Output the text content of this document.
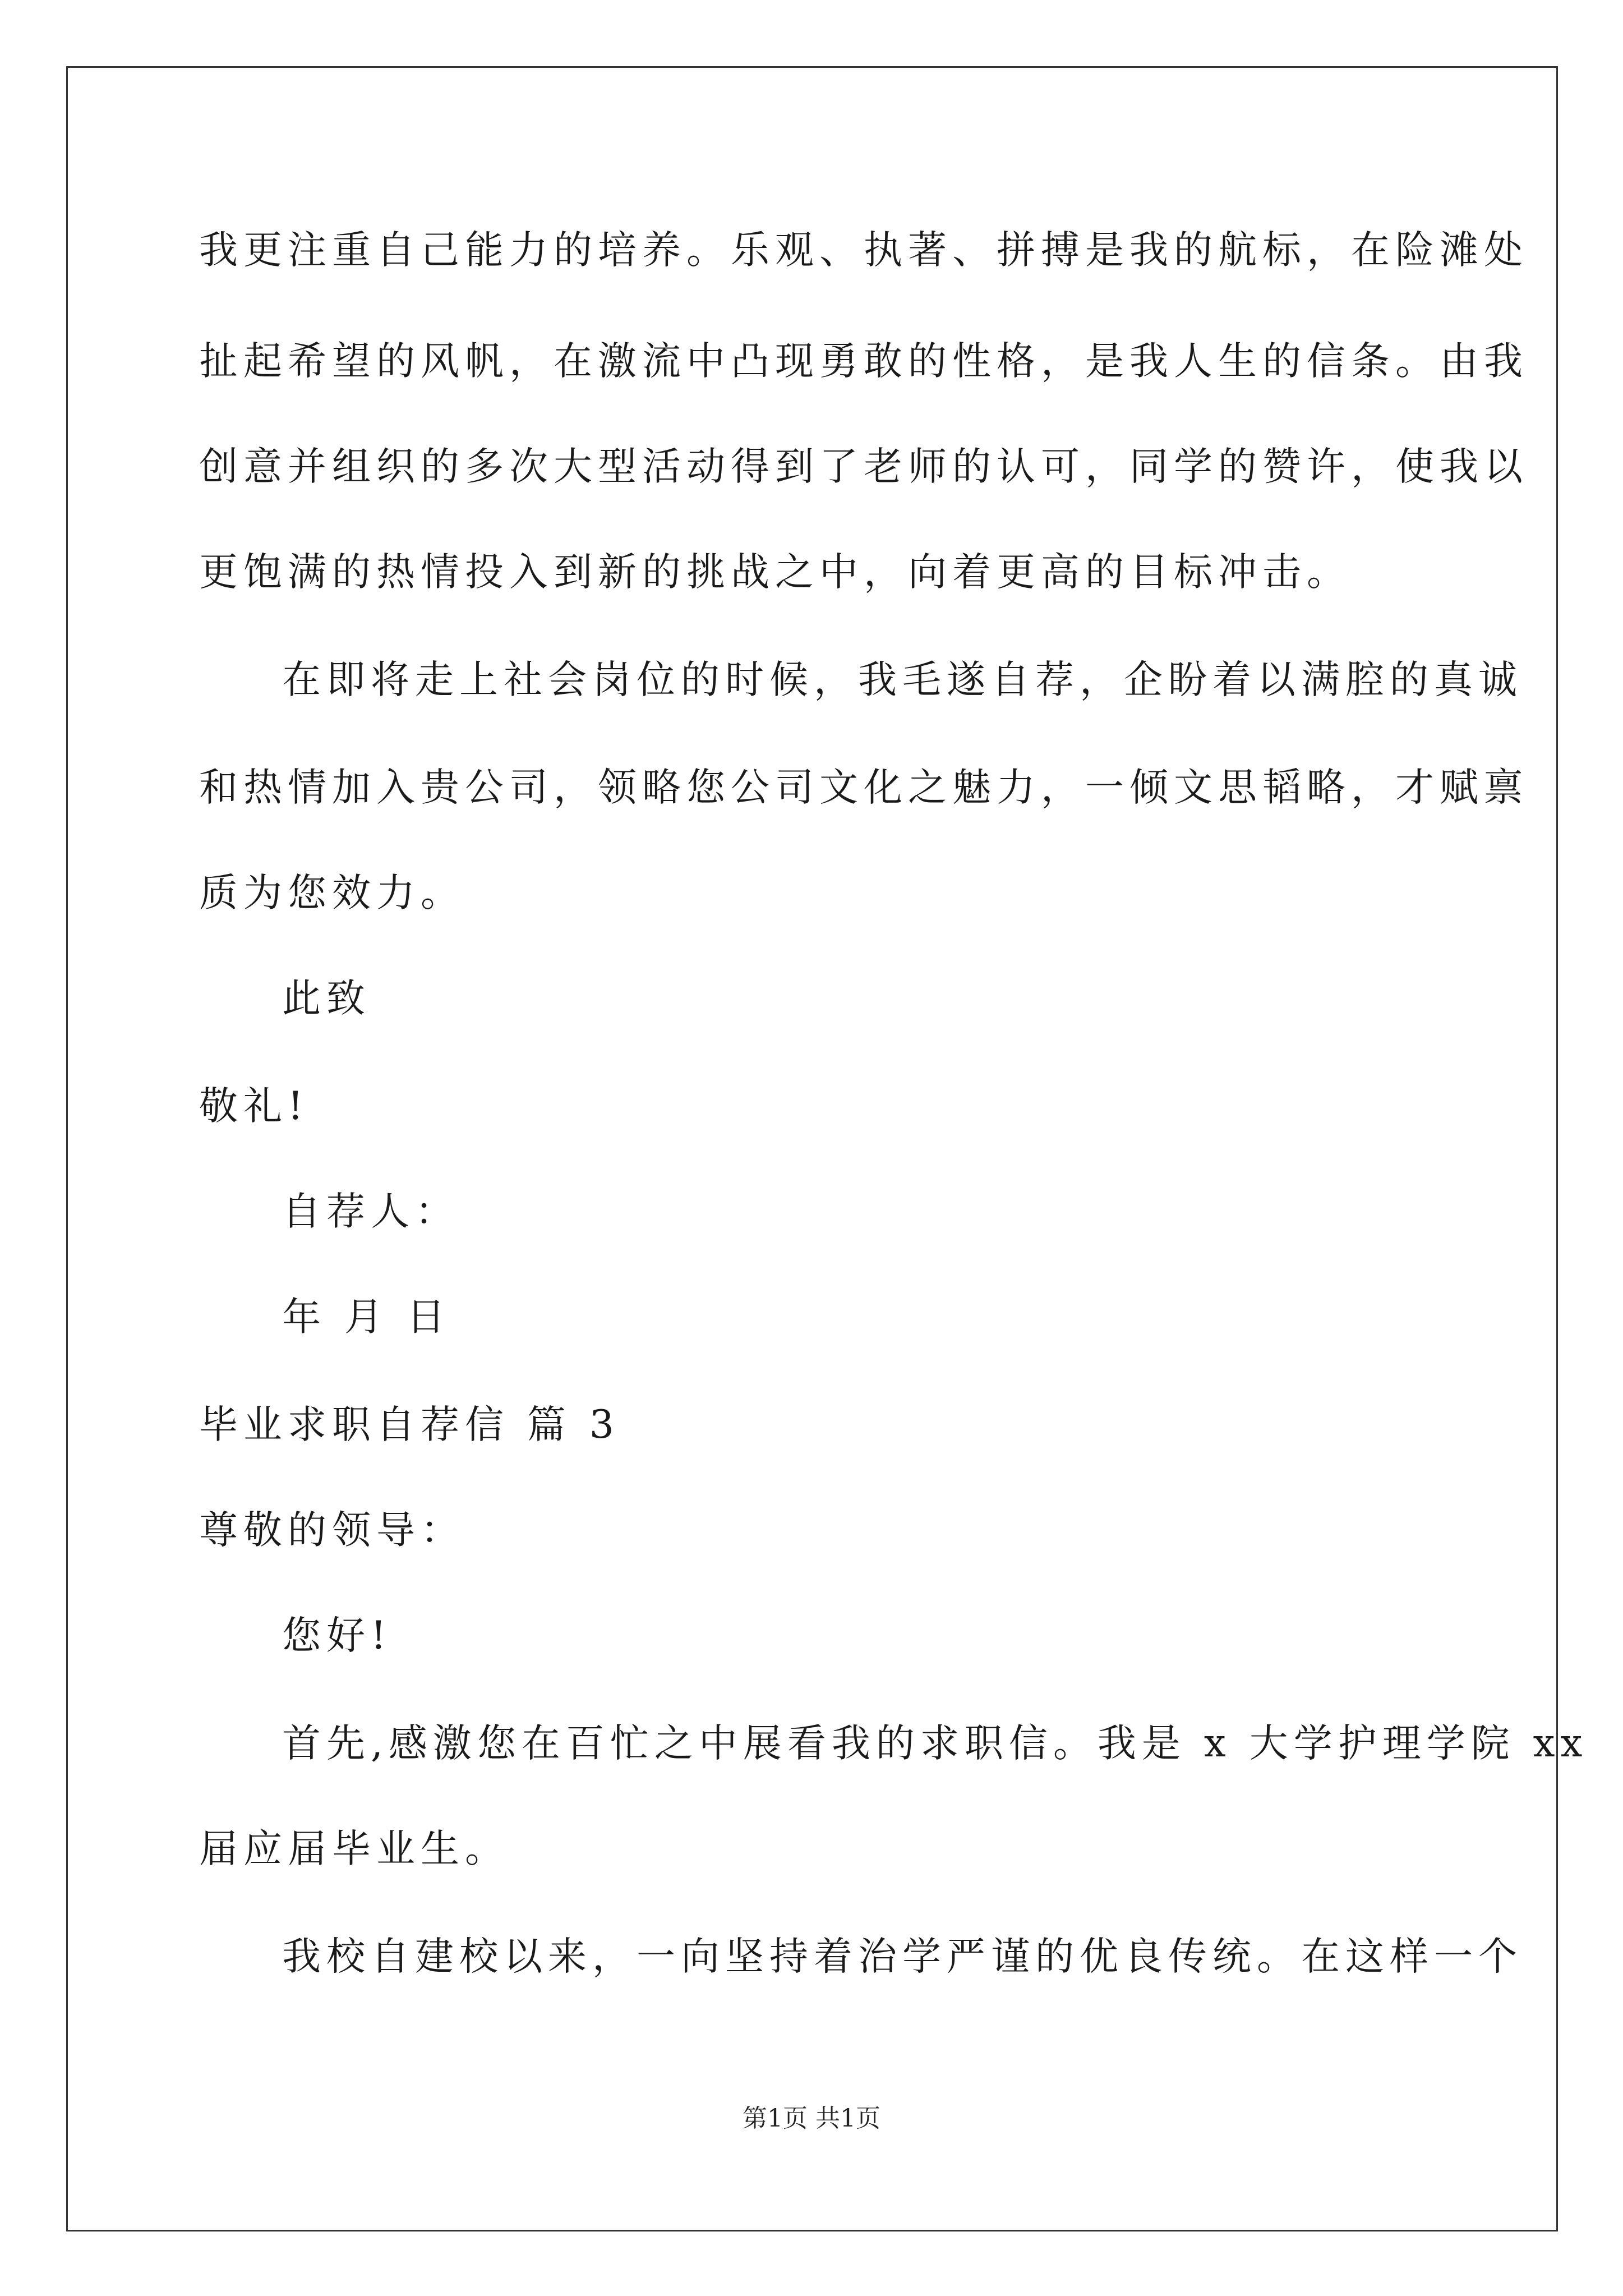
我更注重自己能力的培养。乐观、执著、拼搏是我的航标，在险滩处
扯起希望的风帆，在激流中凸现勇敢的性格，是我人生的信条。由我
创意并组织的多次大型活动得到了老师的认可，同学的赞许，使我以
更饱满的热情投入到新的挑战之中，向着更高的目标冲击。
在即将走上社会岗位的时候，我毛遂自荐，企盼着以满腔的真诚
和热情加入贵公司，领略您公司文化之魅力，一倾文思韬略，才赋禀
质为您效力。
此致
敬礼!
自荐人：
年 月 日
毕业求职自荐信 篇 3
尊敬的领导：
您好!
首先,感激您在百忙之中展看我的求职信。我是 x 大学护理学院 xx
届应届毕业生。
我校自建校以来，一向坚持着治学严谨的优良传统。在这样一个
第1页 共1页
